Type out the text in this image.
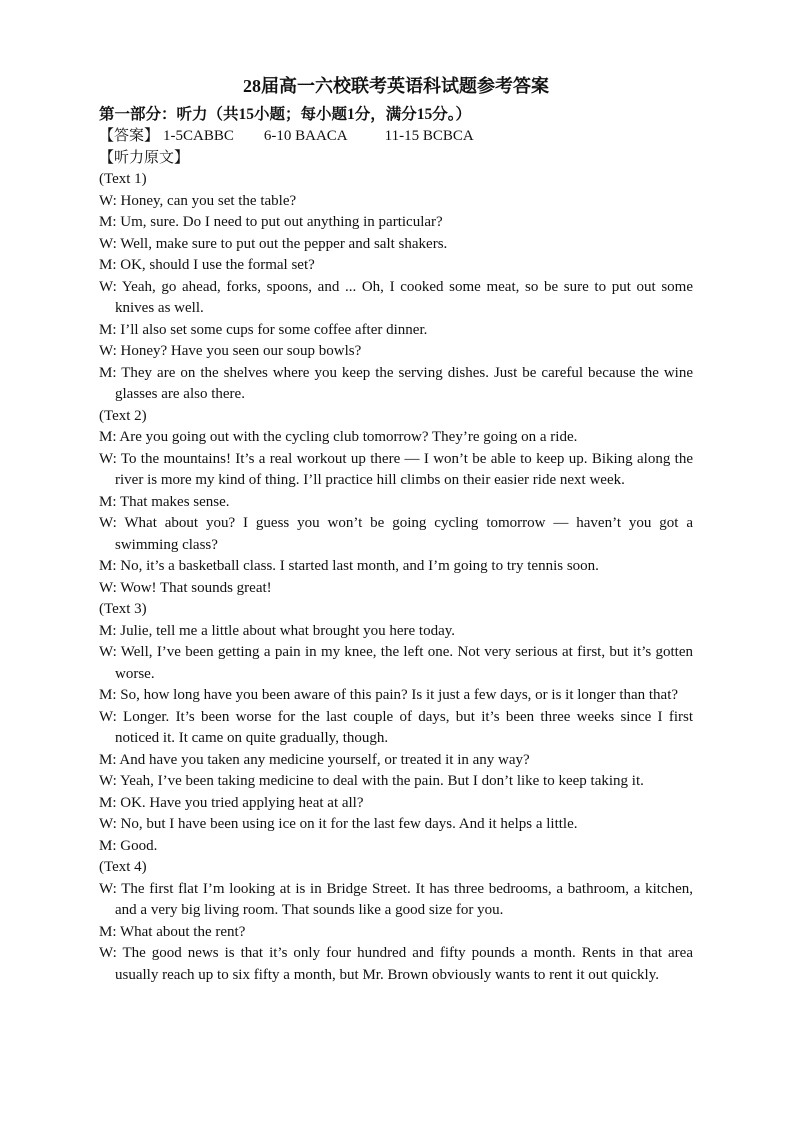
28届高一六校联考英语科试题参考答案
第一部分：听力（共15小题；每小题1分，满分15分。）
【答案】 1-5CABBC 6-10 BAACA 11-15 BCBCA
【听力原文】
(Text 1)
W: Honey, can you set the table?
M: Um, sure. Do I need to put out anything in particular?
W: Well, make sure to put out the pepper and salt shakers.
M: OK, should I use the formal set?
W: Yeah, go ahead, forks, spoons, and ... Oh, I cooked some meat, so be sure to put out some knives as well.
M: I’ll also set some cups for some coffee after dinner.
W: Honey? Have you seen our soup bowls?
M: They are on the shelves where you keep the serving dishes. Just be careful because the wine glasses are also there.
(Text 2)
M: Are you going out with the cycling club tomorrow? They’re going on a ride.
W: To the mountains! It’s a real workout up there — I won’t be able to keep up. Biking along the river is more my kind of thing. I’ll practice hill climbs on their easier ride next week.
M: That makes sense.
W: What about you? I guess you won’t be going cycling tomorrow — haven’t you got a swimming class?
M: No, it’s a basketball class. I started last month, and I’m going to try tennis soon.
W: Wow! That sounds great!
(Text 3)
M: Julie, tell me a little about what brought you here today.
W: Well, I’ve been getting a pain in my knee, the left one. Not very serious at first, but it’s gotten worse.
M: So, how long have you been aware of this pain? Is it just a few days, or is it longer than that?
W: Longer. It’s been worse for the last couple of days, but it’s been three weeks since I first noticed it. It came on quite gradually, though.
M: And have you taken any medicine yourself, or treated it in any way?
W: Yeah, I’ve been taking medicine to deal with the pain. But I don’t like to keep taking it.
M: OK. Have you tried applying heat at all?
W: No, but I have been using ice on it for the last few days. And it helps a little.
M: Good.
(Text 4)
W: The first flat I’m looking at is in Bridge Street. It has three bedrooms, a bathroom, a kitchen, and a very big living room. That sounds like a good size for you.
M: What about the rent?
W: The good news is that it’s only four hundred and fifty pounds a month. Rents in that area usually reach up to six fifty a month, but Mr. Brown obviously wants to rent it out quickly.
